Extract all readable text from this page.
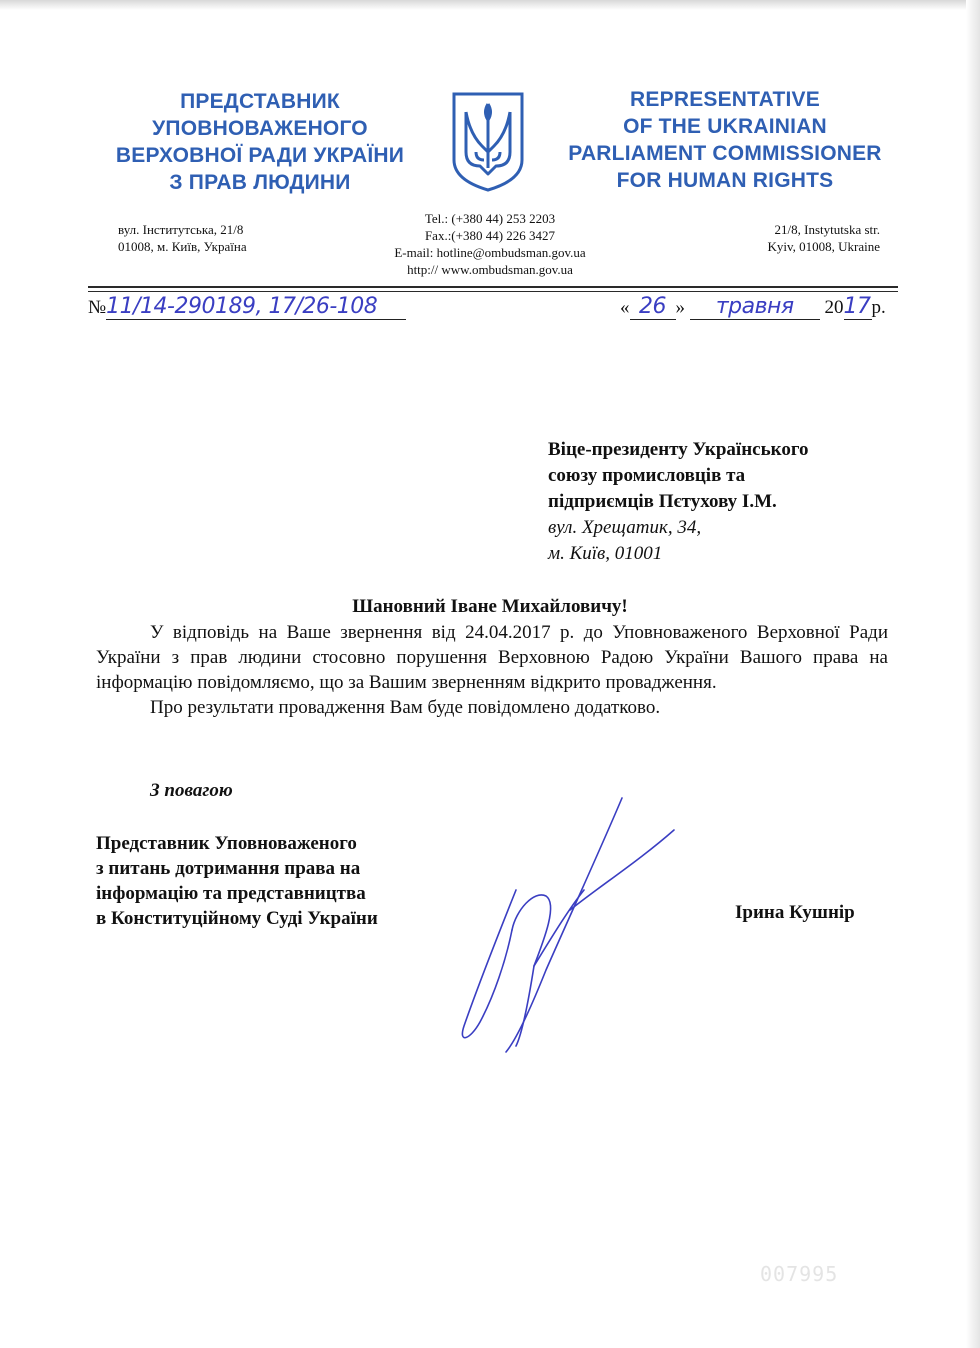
ПРЕДСТАВНИК
УПОВНОВАЖЕНОГО
ВЕРХОВНОЇ РАДИ УКРАЇНИ
З ПРАВ ЛЮДИНИ
REPRESENTATIVE
OF THE UKRAINIAN
PARLIAMENT COMMISSIONER
FOR HUMAN RIGHTS
вул. Інститутська, 21/8
01008, м. Київ, Україна
Tel.: (+380 44) 253 2203
Fax.:(+380 44) 226 3427
E-mail: hotline@ombudsman.gov.ua
http:// www.ombudsman.gov.ua
21/8, Instytutska str.
Kyiv, 01008, Ukraine
№11/14-290189, 17/26-108	« 26 » травня 2017р.
Віце-президенту Українського
союзу промисловців та
підприємців Пєтухову І.М.
вул. Хрещатик, 34,
м. Київ, 01001
Шановний Іване Михайловичу!

У відповідь на Ваше звернення від 24.04.2017 р. до Уповноваженого Верховної Ради України з прав людини стосовно порушення Верховною Радою України Вашого права на інформацію повідомляємо, що за Вашим зверненням відкрито провадження.

Про результати провадження Вам буде повідомлено додатково.

З повагою
Представник Уповноваженого
з питань дотримання права на
інформацію та представництва
в Конституційному Суді України	Ірина Кушнір
007995
